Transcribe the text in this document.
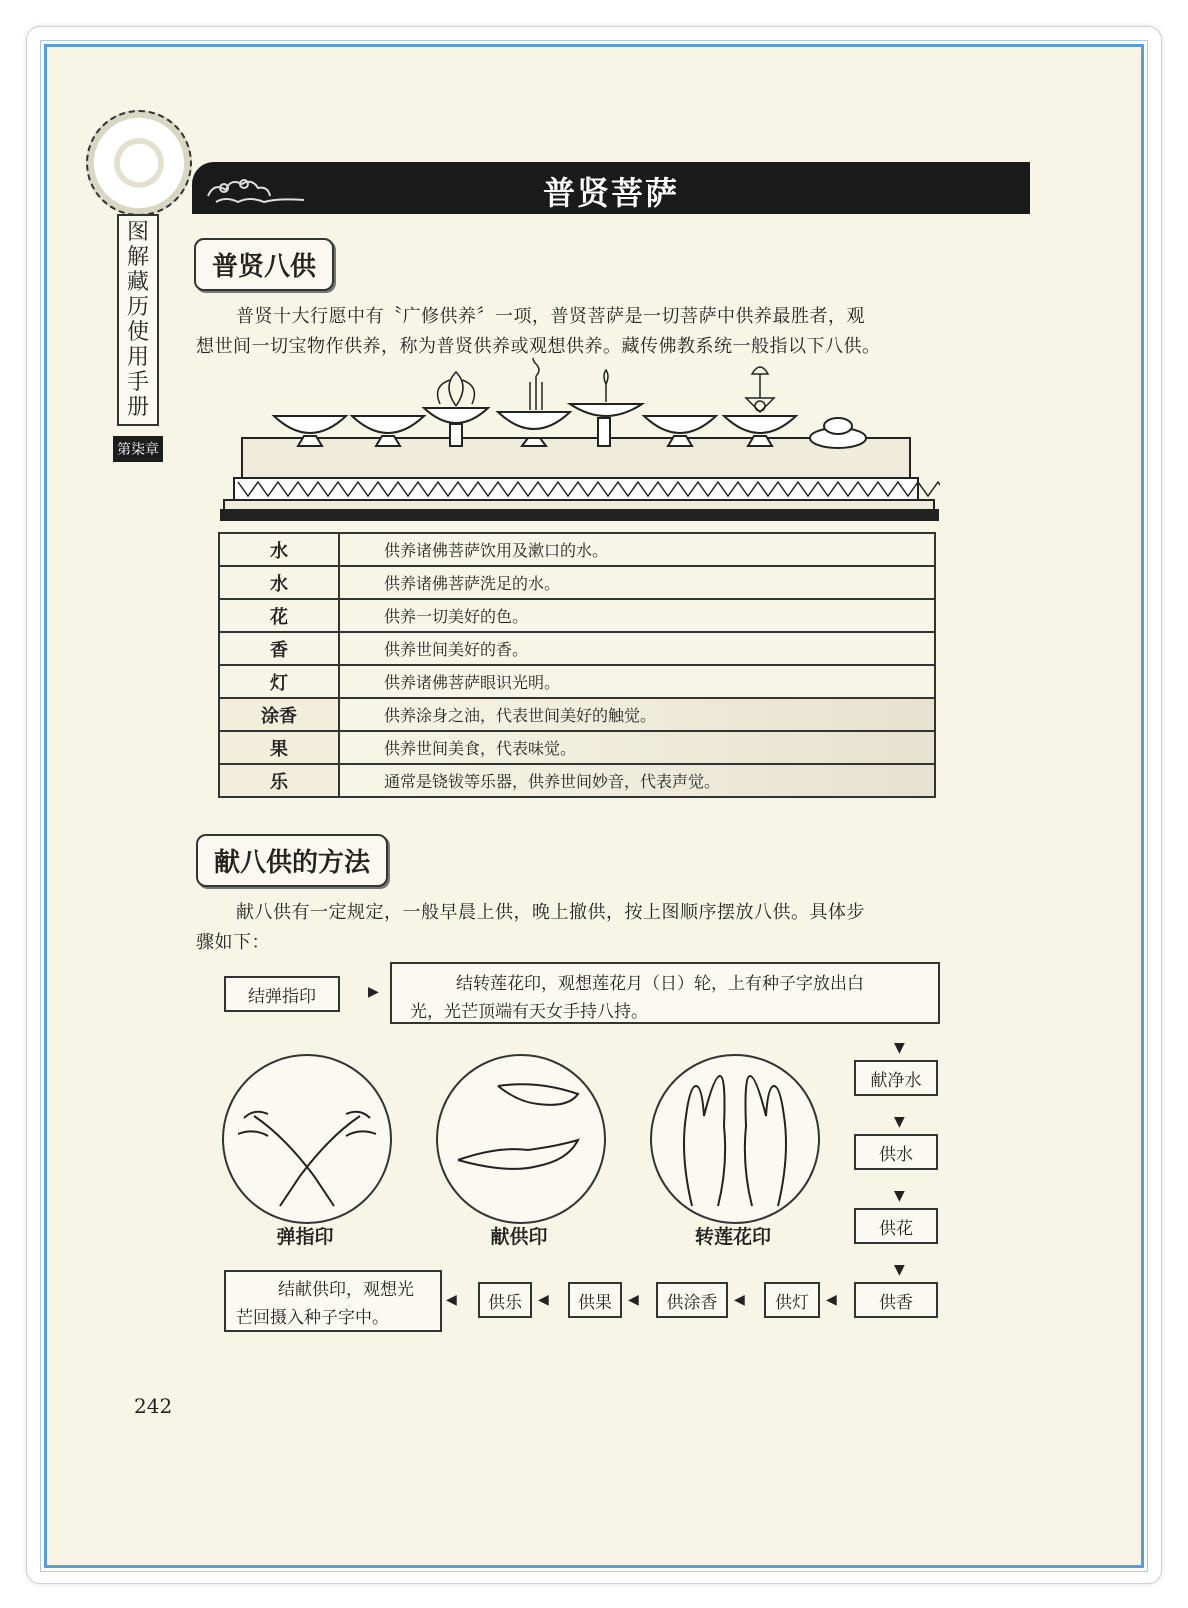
图
解
藏
历
使
用
手
册
第柒章
普贤菩萨
普贤八供
普贤十大行愿中有〝广修供养〞一项，普贤菩萨是一切菩萨中供养最胜者，观
想世间一切宝物作供养，称为普贤供养或观想供养。藏传佛教系统一般指以下八供。
水	供养诸佛菩萨饮用及漱口的水。
水	供养诸佛菩萨洗足的水。
花	供养一切美好的色。
香	供养世间美好的香。
灯	供养诸佛菩萨眼识光明。
涂香	供养涂身之油，代表世间美好的触觉。
果	供养世间美食，代表味觉。
乐	通常是铙钹等乐器，供养世间妙音，代表声觉。
献八供的方法
献八供有一定规定，一般早晨上供，晚上撤供，按上图顺序摆放八供。具体步
骤如下：
结弹指印	▶	结转莲花印，观想莲花月（日）轮，上有种子字放出白
光，光芒顶端有天女手持八持。
弹指印	献供印	转莲花印
▼
献净水
▼
供水
▼
供花
▼
供香
◀
供灯
◀
供涂香
◀
供果
◀
供乐
◀
结献供印，观想光
芒回摄入种子字中。
242
